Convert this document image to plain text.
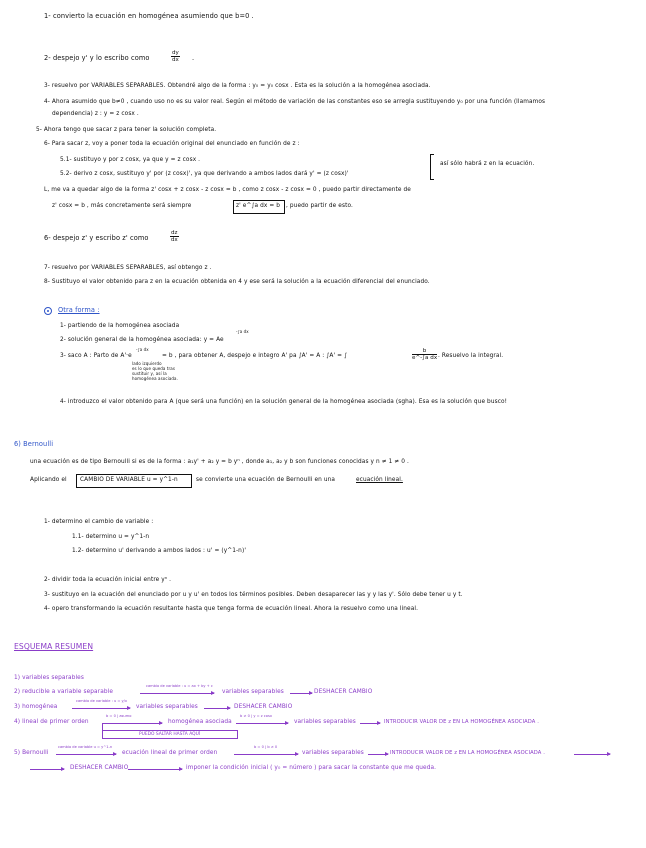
1- convierto la ecuación en homogénea asumiendo que b=0 .
2- despejo y' y lo escribo como	$\frac{dy}{dx}$ .
3- resuelvo por VARIABLES SEPARABLES. Obtendré algo de la forma : y₀ = y₀ cosx . Esta es la solución a la homogénea asociada.
4- Ahora asumido que b≠0 , cuando uso no es su valor real. Según el método de variación de las constantes eso se arregla sustituyendo y₀ por una función (llamamos
dependencia) z : y = z cosx .
5- Ahora tengo que sacar z para tener la solución completa.
6- Para sacar z, voy a poner toda la ecuación original del enunciado en función de z :
5.1- sustituyo y por z cosx, ya que y = z cosx .
5.2- derivo z cosx, sustituyo y' por (z cosx)', ya que derivando a ambos lados dará y' = (z cosx)'
así sólo habrá z en la ecuación.
L, me va a quedar algo de la forma z' cosx + z cosx - z cosx = b , como z cosx - z cosx = 0 , puedo partir directamente de
z' cosx = b , más concretamente será siempre	z' e^∫a dx = b , puedo partir de esto.
6- despejo z' y escribo z' como	$\frac{dz}{dx}$
7- resuelvo por VARIABLES SEPARABLES, así obtengo z .
8- Sustituyo el valor obtenido para z en la ecuación obtenida en 4 y ese será la solución a la ecuación diferencial del enunciado.
Otra forma :
1- partiendo de la homogénea asociada
2- solución general de la homogénea asociada: y = Ae
-∫a dx
3- saco A : Parto de A'·e
-∫a dx
= b , para obtener A, despejo e integro A' pa ∫A' = A : ∫A' = ∫	$\frac{b}{\text{e\textasciicircum{}-∫a dx}}$ . Resuelvo la integral.
lado izquierdo
es lo que queda tras
sustituir y, así la
homogénea asociada.
4- introduzco el valor obtenido para A (que será una función) en la solución general de la homogénea asociada (sgha). Esa es la solución que busco!
6) Bernoulli
una ecuación es de tipo Bernoulli si es de la forma : a₁y' + a₂ y = b yⁿ , donde a₁, a₂ y b son funciones conocidas y n ≠ 1 ≠ 0 .
Aplicando el CAMBIO DE VARIABLE u = y^1-n	se convierte una ecuación de Bernoulli en una	ecuación lineal.
1- determino el cambio de variable :
1.1- determino u = y^1-n
1.2- determino u' derivando a ambos lados : u' = (y^1-n)'
2- dividir toda la ecuación inicial entre yⁿ .
3- sustituyo en la ecuación del enunciado por u y u' en todos los términos posibles. Deben desaparecer las y y las y'. Sólo debe tener u y t.
4- opero transformando la ecuación resultante hasta que tenga forma de ecuación lineal. Ahora la resuelvo como una lineal.
ESQUEMA RESUMEN
1) variables separables
2) reducible a variable separable
cambio de variable : u = ax + by + c
variables separables	DESHACER CAMBIO
3) homogénea
cambio de variable : u = y/x
variables separables	DESHACER CAMBIO
4) lineal de primer orden
b = 0 | asumo
homogénea asociada
b ≠ 0 | y = z cosx
variables separables	INTRODUCIR VALOR DE z EN LA HOMOGÉNEA ASOCIADA .
PUEDO SALTAR HASTA AQUÍ
5) Bernoulli
cambio de variable u = y^1-n
ecuación lineal de primer orden
b = 0 | b ≠ 0
variables separables	INTRODUCIR VALOR DE z EN LA HOMOGÉNEA ASOCIADA .
DESHACER CAMBIO	imponer la condición inicial ( y₀ = número ) para sacar la constante que me queda.
